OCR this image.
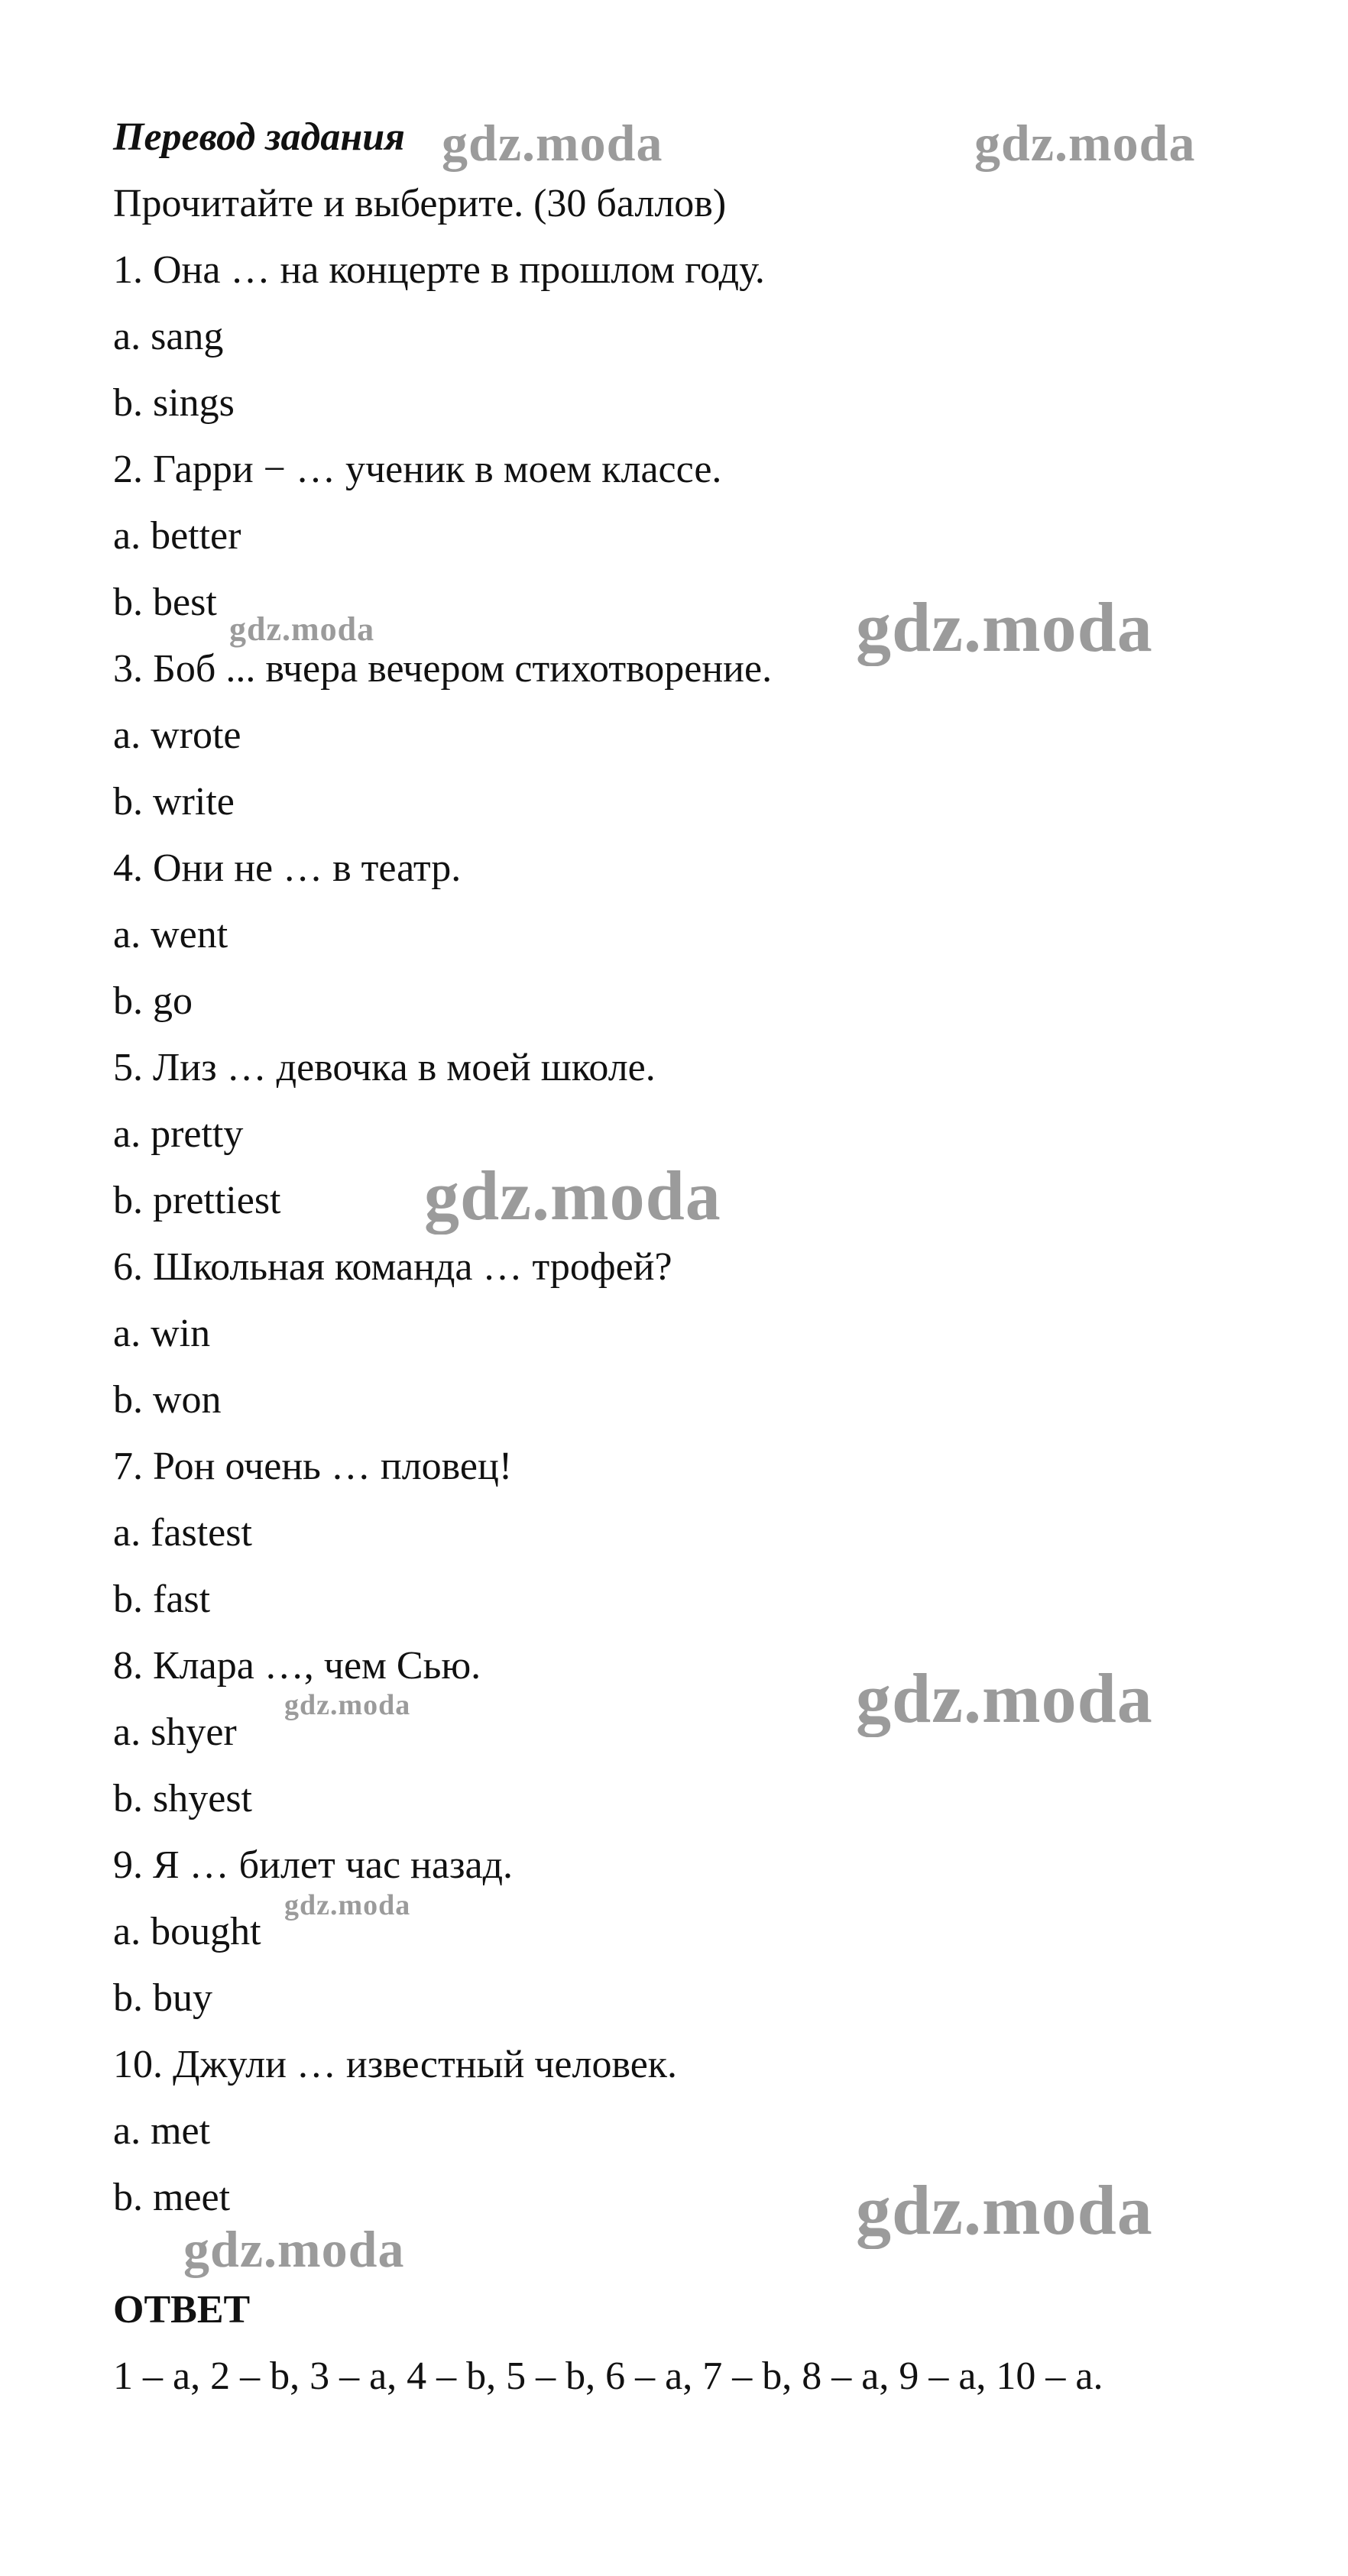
Перевод задания
Прочитайте и выберите. (30 баллов)
1. Она … на концерте в прошлом году.
a. sang
b. sings
2. Гарри − … ученик в моем классе.
a. better
b. best
3. Боб ... вчера вечером стихотворение.
a. wrote
b. write
4. Они не … в театр.
a. went
b. go
5. Лиз … девочка в моей школе.
a. pretty
b. prettiest
6. Школьная команда … трофей?
a. win
b. won
7. Рон очень … пловец!
a. fastest
b. fast
8. Клара …, чем Сью.
a. shyer
b. shyest
9. Я … билет час назад.
a. bought
b. buy
10. Джули … известный человек.
a. met
b. meet
ОТВЕТ
1 – a, 2 – b, 3 – a, 4 – b, 5 – b, 6 – a, 7 – b, 8 – a, 9 – a, 10 – a.
gdz.moda	gdz.moda
gdz.moda	gdz.moda
gdz.moda
gdz.moda
gdz.moda
gdz.moda
gdz.moda
gdz.moda
